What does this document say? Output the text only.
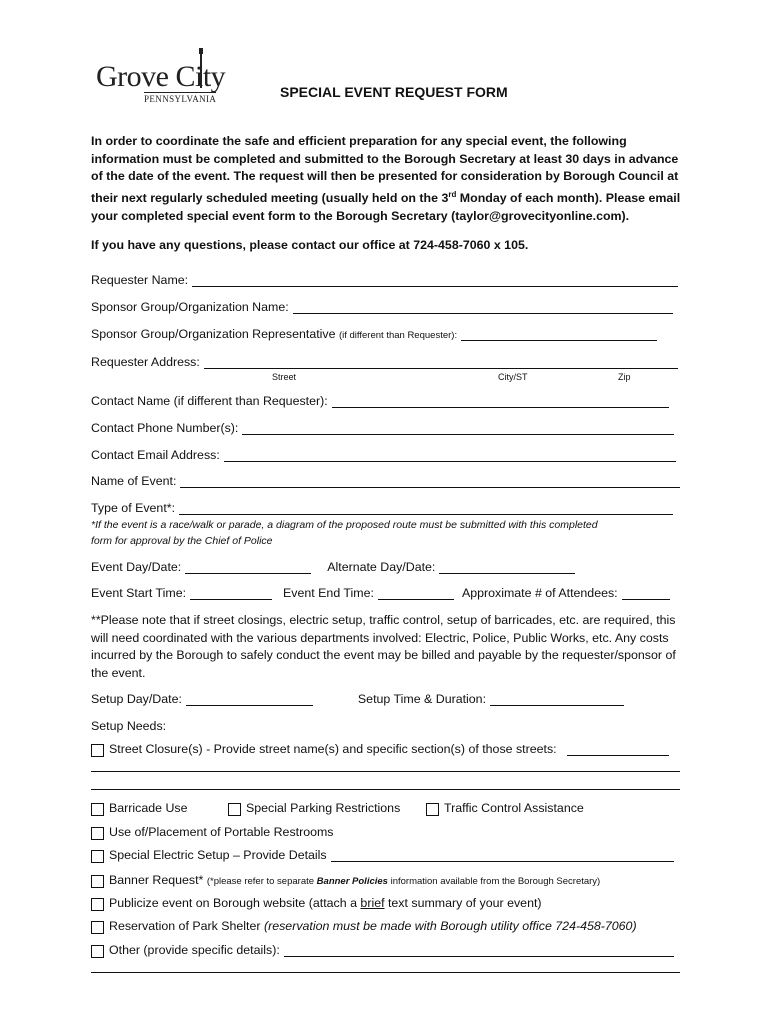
Grove City
PENNSYLVANIA	SPECIAL EVENT REQUEST FORM

In order to coordinate the safe and efficient preparation for any special event, the following information must be completed and submitted to the Borough Secretary at least 30 days in advance of the date of the event. The request will then be presented for consideration by Borough Council at their next regularly scheduled meeting (usually held on the 3rd Monday of each month). Please email your completed special event form to the Borough Secretary (taylor@grovecityonline.com).

If you have any questions, please contact our office at 724-458-7060 x 105.

Requester Name:
Sponsor Group/Organization Name:
Sponsor Group/Organization Representative
(if different than Requester):
Requester Address:
Street	City/ST	Zip
Contact Name (if different than Requester):
Contact Phone Number(s):
Contact Email Address:
Name of Event:
Type of Event*:

*If the event is a race/walk or parade, a diagram of the proposed route must be submitted with this completed
form for approval by the Chief of Police

Event Day/Date:	Alternate Day/Date:
Event Start Time:	Event End Time:	Approximate # of Attendees:

**Please note that if street closings, electric setup, traffic control, setup of barricades, etc. are required, this will need coordinated with the various departments involved: Electric, Police, Public Works, etc. Any costs incurred by the Borough to safely conduct the event may be billed and payable by the requester/sponsor of the event.

Setup Day/Date:	Setup Time & Duration:
Setup Needs:
Street Closure(s) - Provide street name(s) and specific section(s) of those streets:
Barricade Use	Special Parking Restrictions	Traffic Control Assistance
Use of/Placement of Portable Restrooms
Special Electric Setup – Provide Details
Banner Request*
(*please refer to separate Banner Policies information available from the Borough Secretary)
Publicize event on Borough website (attach a brief text summary of your event)
Reservation of Park Shelter
(reservation must be made with Borough utility office 724-458-7060)
Other (provide specific details):
